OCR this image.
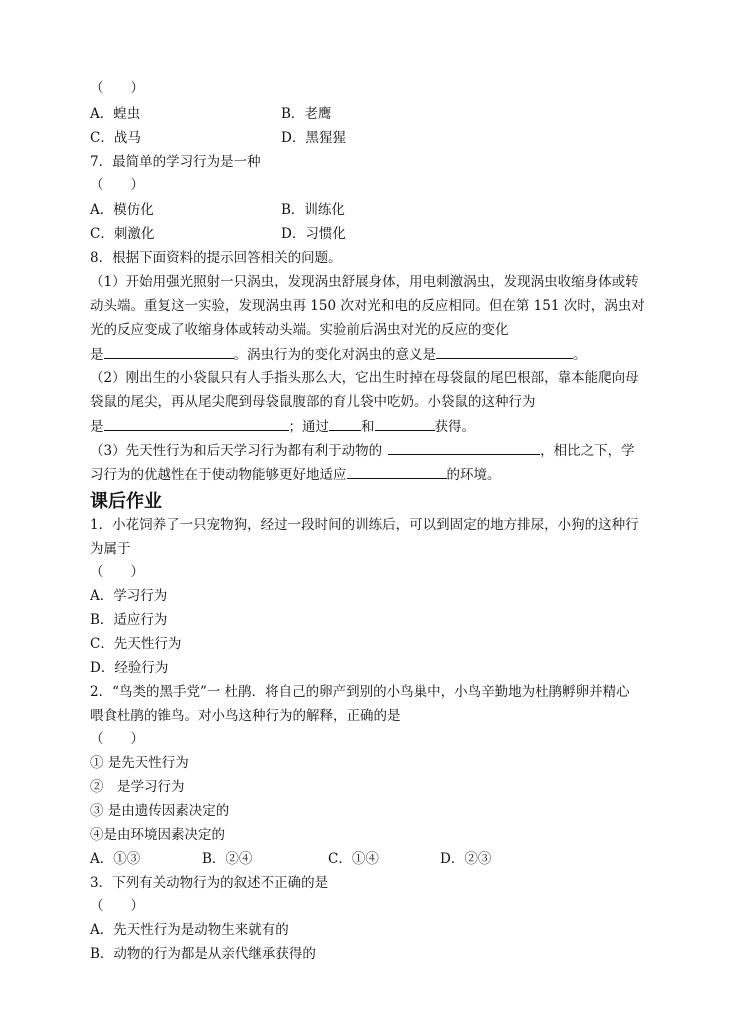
（　　）
A．蝗虫	B．老鹰
C．战马	D．黑猩猩
7．最简单的学习行为是一种
（　　）
A．模仿化	B．训练化
C．刺激化	D．习惯化
8．根据下面资料的提示回答相关的问题。
（1）开始用强光照射一只涡虫，发现涡虫舒展身体，用电刺激涡虫，发现涡虫收缩身体或转
动头端。重复这一实验，发现涡虫再 150 次对光和电的反应相同。但在第 151 次时，涡虫对
光的反应变成了收缩身体或转动头端。实验前后涡虫对光的反应的变化
是	。涡虫行为的变化对涡虫的意义是	。
（2）刚出生的小袋鼠只有人手指头那么大，它出生时掉在母袋鼠的尾巴根部，靠本能爬向母
袋鼠的尾尖，再从尾尖爬到母袋鼠腹部的育儿袋中吃奶。小袋鼠的这种行为
是	；通过 和	获得。
（3）先天性行为和后天学习行为都有利于动物的	，相比之下，学
习行为的优越性在于使动物能够更好地适应	的环境。
课后作业
1．小花饲养了一只宠物狗，经过一段时间的训练后，可以到固定的地方排尿，小狗的这种行
为属于
（　　）
A．学习行为
B．适应行为
C．先天性行为
D．经验行为
2．“鸟类的黑手党”一 杜鹃．将自己的卵产到别的小鸟巢中，小鸟辛勤地为杜鹃孵卵并精心
喂食杜鹃的锥鸟。对小鸟这种行为的解释，正确的是
（　　）
① 是先天性行为
②　是学习行为
③ 是由遗传因素决定的
④是由环境因素决定的
A．①③	B．②④	C．①④	D．②③
3．下列有关动物行为的叙述不正确的是
（　　）
A．先天性行为是动物生来就有的
B．动物的行为都是从亲代继承获得的
